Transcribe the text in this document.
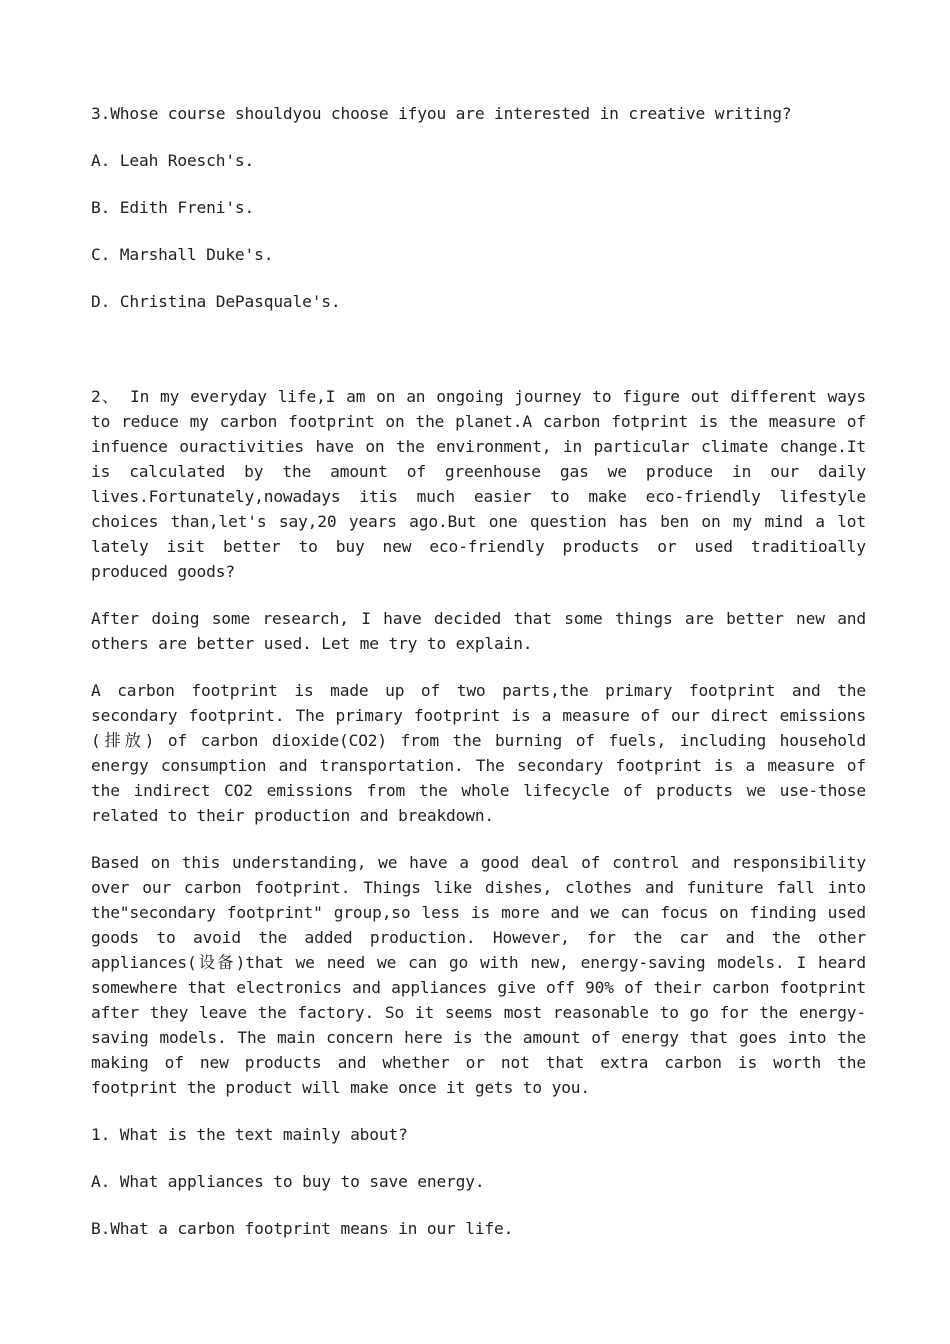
3.Whose course shouldyou choose ifyou are interested in creative writing?
A. Leah Roesch's.
B. Edith Freni's.
C. Marshall Duke's.
D. Christina DePasquale's.
2、 In my everyday life,I am on an ongoing journey to figure out different ways to reduce my carbon footprint on the planet.A carbon fotprint is the measure of infuence ouractivities have on the environment, in particular climate change.It is calculated by the amount of greenhouse gas we produce in our daily lives.Fortunately,nowadays itis much easier to make eco-friendly lifestyle choices than,let's say,20 years ago.But one question has ben on my mind a lot lately isit better to buy new eco-friendly products or used traditioally produced goods?
After doing some research, I have decided that some things are better new and others are better used. Let me try to explain.
A carbon footprint is made up of two parts,the primary footprint and the secondary footprint. The primary footprint is a measure of our direct emissions (排放) of carbon dioxide(CO2) from the burning of fuels, including household energy consumption and transportation. The secondary footprint is a measure of the indirect CO2 emissions from the whole lifecycle of products we use-those related to their production and breakdown.
Based on this understanding, we have a good deal of control and responsibility over our carbon footprint. Things like dishes, clothes and funiture fall into the"secondary footprint" group,so less is more and we can focus on finding used goods to avoid the added production. However, for the car and the other appliances(设备)that we need we can go with new, energy-saving models. I heard somewhere that electronics and appliances give off 90% of their carbon footprint after they leave the factory. So it seems most reasonable to go for the energy-saving models. The main concern here is the amount of energy that goes into the making of new products and whether or not that extra carbon is worth the footprint the product will make once it gets to you.
1. What is the text mainly about?
A. What appliances to buy to save energy.
B.What a carbon footprint means in our life.
